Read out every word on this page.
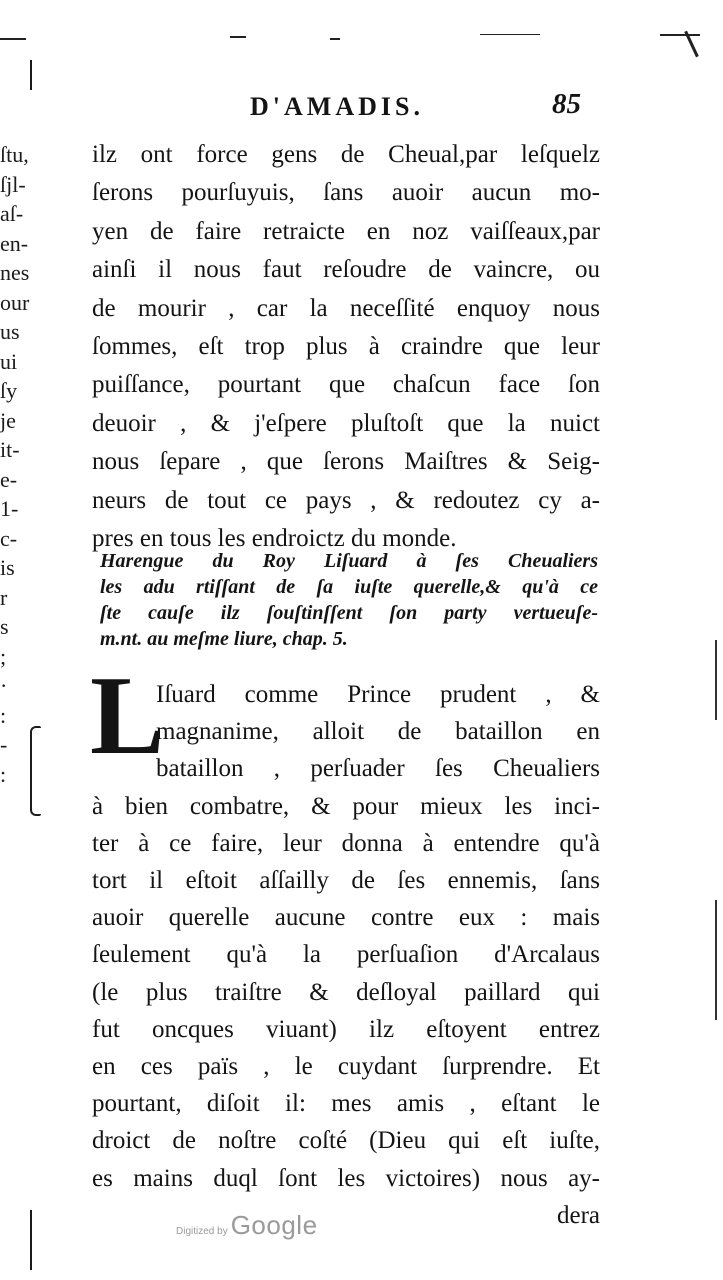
ſtu,
ſjl-
aſ-
en-
nes
our
us
ui
ſy
je
it-
e-
1-
c-
is
r
s
;
·
:
-
:
D'AMADIS.	85
ilz ont force gens de Cheual,par leſquelz
ſerons pourſuyuis, ſans auoir aucun mo-
yen de faire retraicte en noz vaiſſeaux,par
ainſi il nous faut reſoudre de vaincre, ou
de mourir , car la neceſſité enquoy nous
ſommes, eſt trop plus à craindre que leur
puiſſance, pourtant que chaſcun face ſon
deuoir , & j'eſpere pluſtoſt que la nuict
nous ſepare , que ſerons Maiſtres & Seig-
neurs de tout ce pays , & redoutez cy a-
pres en tous les endroictz du monde.
Harengue du Roy Liſuard à ſes Cheualiers
les adu rtiſſant de ſa iuſte querelle,& qu'à ce
ſte cauſe ilz ſouſtinſſent ſon party vertueuſe-
m.nt. au meſme liure, chap. 5.
L
Iſuard comme Prince prudent , &
magnanime, alloit de bataillon en
bataillon , perſuader ſes Cheualiers
à bien combatre, & pour mieux les inci-
ter à ce faire, leur donna à entendre qu'à
tort il eſtoit aſſailly de ſes ennemis, ſans
auoir querelle aucune contre eux : mais
ſeulement qu'à la perſuaſion d'Arcalaus
(le plus traiſtre & deſloyal paillard qui
fut oncques viuant) ilz eſtoyent entrez
en ces païs , le cuydant ſurprendre. Et
pourtant, diſoit il: mes amis , eſtant le
droict de noſtre coſté (Dieu qui eſt iuſte,
es mains duql ſont les victoires) nous ay-
dera
Digitized by Google
